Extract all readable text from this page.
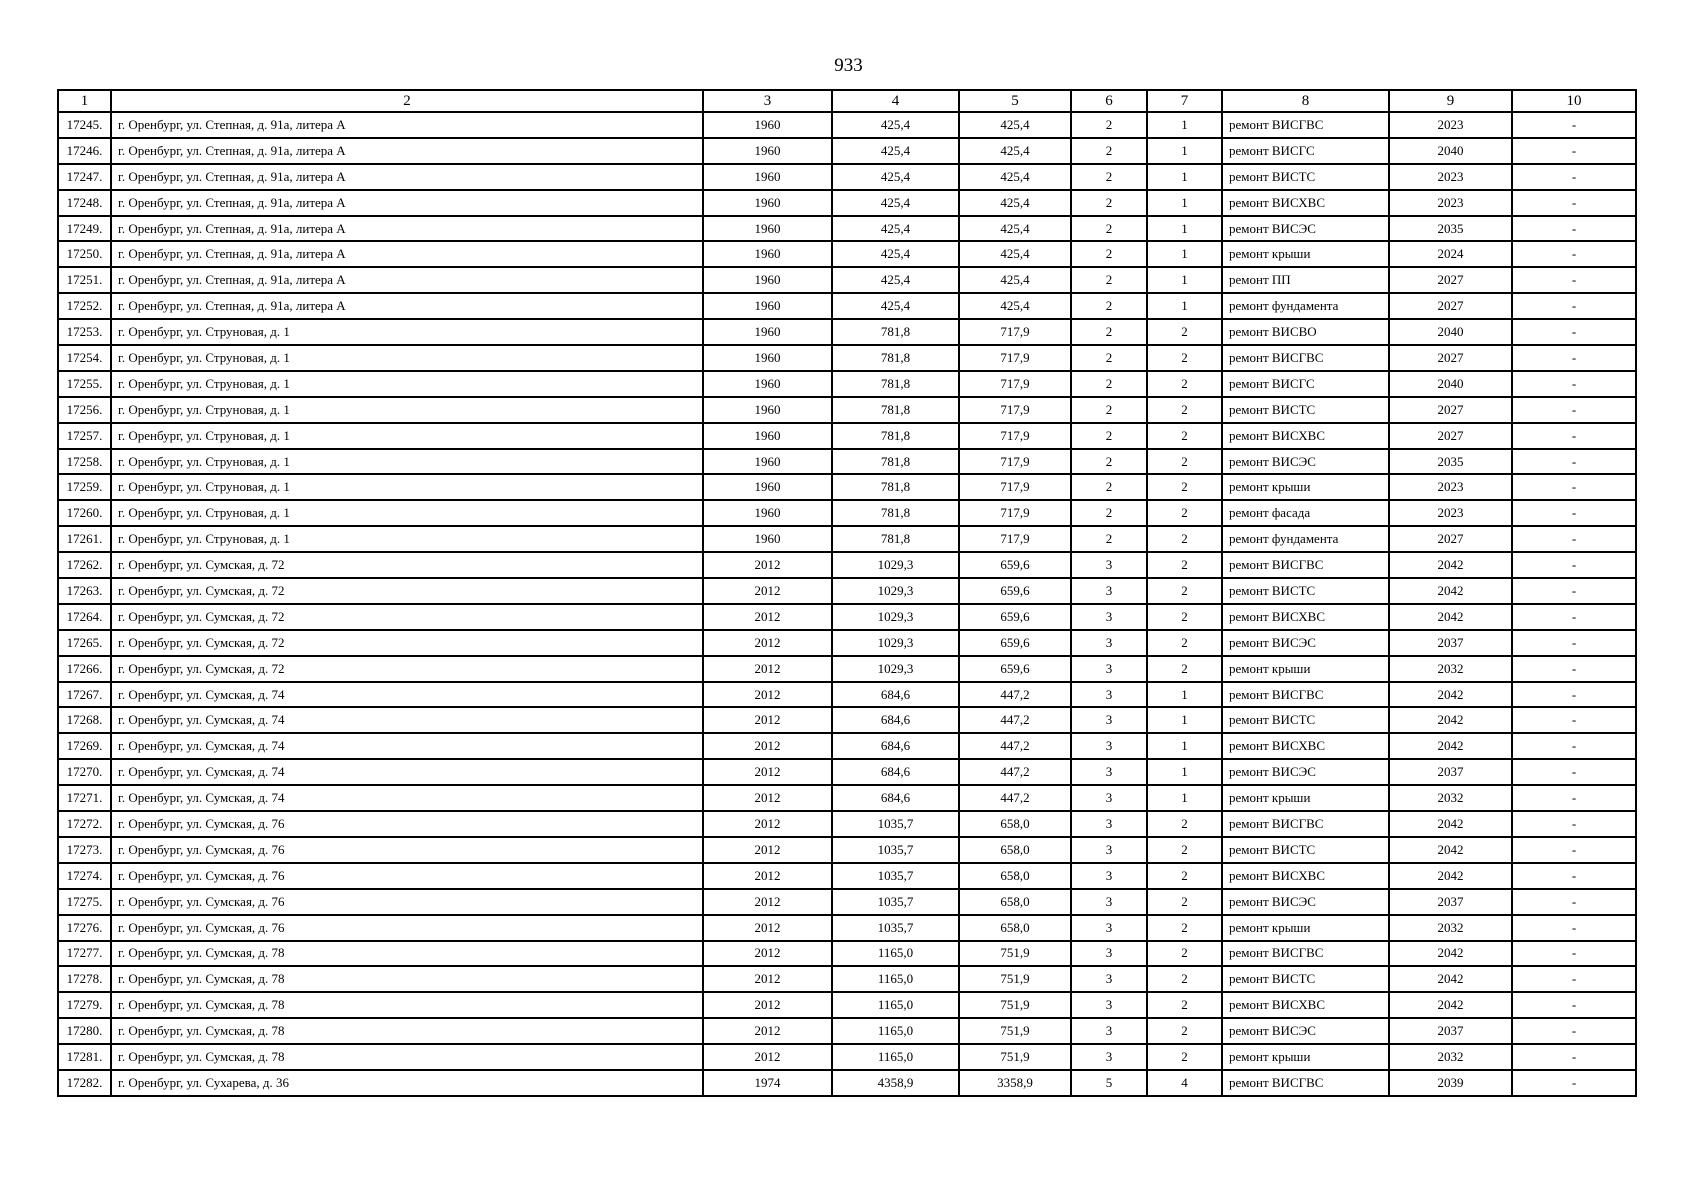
933
1	2	3	4	5	6	7	8	9	10
17245.	г. Оренбург, ул. Степная, д. 91а, литера А	1960	425,4	425,4	2	1	ремонт ВИСГВС	2023	-
17246.	г. Оренбург, ул. Степная, д. 91а, литера А	1960	425,4	425,4	2	1	ремонт ВИСГС	2040	-
17247.	г. Оренбург, ул. Степная, д. 91а, литера А	1960	425,4	425,4	2	1	ремонт ВИСТС	2023	-
17248.	г. Оренбург, ул. Степная, д. 91а, литера А	1960	425,4	425,4	2	1	ремонт ВИСХВС	2023	-
17249.	г. Оренбург, ул. Степная, д. 91а, литера А	1960	425,4	425,4	2	1	ремонт ВИСЭС	2035	-
17250.	г. Оренбург, ул. Степная, д. 91а, литера А	1960	425,4	425,4	2	1	ремонт крыши	2024	-
17251.	г. Оренбург, ул. Степная, д. 91а, литера А	1960	425,4	425,4	2	1	ремонт ПП	2027	-
17252.	г. Оренбург, ул. Степная, д. 91а, литера А	1960	425,4	425,4	2	1	ремонт фундамента	2027	-
17253.	г. Оренбург, ул. Струновая, д. 1	1960	781,8	717,9	2	2	ремонт ВИСВО	2040	-
17254.	г. Оренбург, ул. Струновая, д. 1	1960	781,8	717,9	2	2	ремонт ВИСГВС	2027	-
17255.	г. Оренбург, ул. Струновая, д. 1	1960	781,8	717,9	2	2	ремонт ВИСГС	2040	-
17256.	г. Оренбург, ул. Струновая, д. 1	1960	781,8	717,9	2	2	ремонт ВИСТС	2027	-
17257.	г. Оренбург, ул. Струновая, д. 1	1960	781,8	717,9	2	2	ремонт ВИСХВС	2027	-
17258.	г. Оренбург, ул. Струновая, д. 1	1960	781,8	717,9	2	2	ремонт ВИСЭС	2035	-
17259.	г. Оренбург, ул. Струновая, д. 1	1960	781,8	717,9	2	2	ремонт крыши	2023	-
17260.	г. Оренбург, ул. Струновая, д. 1	1960	781,8	717,9	2	2	ремонт фасада	2023	-
17261.	г. Оренбург, ул. Струновая, д. 1	1960	781,8	717,9	2	2	ремонт фундамента	2027	-
17262.	г. Оренбург, ул. Сумская, д. 72	2012	1029,3	659,6	3	2	ремонт ВИСГВС	2042	-
17263.	г. Оренбург, ул. Сумская, д. 72	2012	1029,3	659,6	3	2	ремонт ВИСТС	2042	-
17264.	г. Оренбург, ул. Сумская, д. 72	2012	1029,3	659,6	3	2	ремонт ВИСХВС	2042	-
17265.	г. Оренбург, ул. Сумская, д. 72	2012	1029,3	659,6	3	2	ремонт ВИСЭС	2037	-
17266.	г. Оренбург, ул. Сумская, д. 72	2012	1029,3	659,6	3	2	ремонт крыши	2032	-
17267.	г. Оренбург, ул. Сумская, д. 74	2012	684,6	447,2	3	1	ремонт ВИСГВС	2042	-
17268.	г. Оренбург, ул. Сумская, д. 74	2012	684,6	447,2	3	1	ремонт ВИСТС	2042	-
17269.	г. Оренбург, ул. Сумская, д. 74	2012	684,6	447,2	3	1	ремонт ВИСХВС	2042	-
17270.	г. Оренбург, ул. Сумская, д. 74	2012	684,6	447,2	3	1	ремонт ВИСЭС	2037	-
17271.	г. Оренбург, ул. Сумская, д. 74	2012	684,6	447,2	3	1	ремонт крыши	2032	-
17272.	г. Оренбург, ул. Сумская, д. 76	2012	1035,7	658,0	3	2	ремонт ВИСГВС	2042	-
17273.	г. Оренбург, ул. Сумская, д. 76	2012	1035,7	658,0	3	2	ремонт ВИСТС	2042	-
17274.	г. Оренбург, ул. Сумская, д. 76	2012	1035,7	658,0	3	2	ремонт ВИСХВС	2042	-
17275.	г. Оренбург, ул. Сумская, д. 76	2012	1035,7	658,0	3	2	ремонт ВИСЭС	2037	-
17276.	г. Оренбург, ул. Сумская, д. 76	2012	1035,7	658,0	3	2	ремонт крыши	2032	-
17277.	г. Оренбург, ул. Сумская, д. 78	2012	1165,0	751,9	3	2	ремонт ВИСГВС	2042	-
17278.	г. Оренбург, ул. Сумская, д. 78	2012	1165,0	751,9	3	2	ремонт ВИСТС	2042	-
17279.	г. Оренбург, ул. Сумская, д. 78	2012	1165,0	751,9	3	2	ремонт ВИСХВС	2042	-
17280.	г. Оренбург, ул. Сумская, д. 78	2012	1165,0	751,9	3	2	ремонт ВИСЭС	2037	-
17281.	г. Оренбург, ул. Сумская, д. 78	2012	1165,0	751,9	3	2	ремонт крыши	2032	-
17282.	г. Оренбург, ул. Сухарева, д. 36	1974	4358,9	3358,9	5	4	ремонт ВИСГВС	2039	-
